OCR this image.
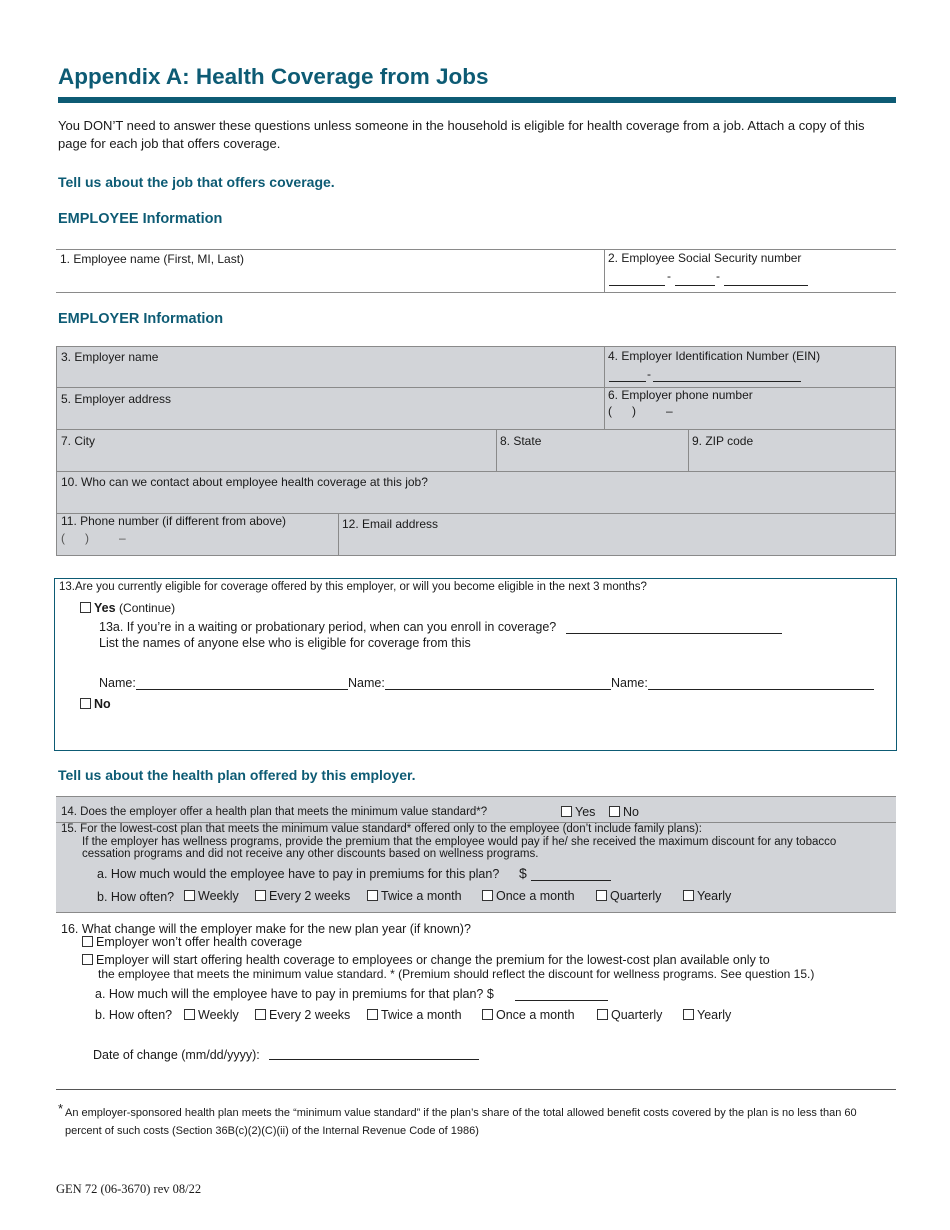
Appendix A: Health Coverage from Jobs
You DON’T need to answer these questions unless someone in the household is eligible for health coverage from a job. Attach a copy of this page for each job that offers coverage.
Tell us about the job that offers coverage.
EMPLOYEE Information
1. Employee name (First, MI, Last)	2. Employee Social Security number
-	-
EMPLOYER Information
3. Employer name	4. Employer Identification Number (EIN)
-
5. Employer address	6. Employer phone number
(      )         –
7. City	8. State	9. ZIP code
10. Who can we contact about employee health coverage at this job?
11. Phone number (if different from above)
(      )         –
12. Email address
13.Are you currently eligible for coverage offered by this employer, or will you become eligible in the next 3 months?
Yes (Continue)
13a. If you’re in a waiting or probationary period, when can you enroll in coverage?
List the names of anyone else who is eligible for coverage from this
Name:	Name:	Name:
No
Tell us about the health plan offered by this employer.
14. Does the employer offer a health plan that meets the minimum value standard*?	Yes	No
15. For the lowest-cost plan that meets the minimum value standard* offered only to the employee (don’t include family plans):
If the employer has wellness programs, provide the premium that the employee would pay if he/ she received the maximum discount for any tobacco cessation programs and did not receive any other discounts based on wellness programs.
a. How much would the employee have to pay in premiums for this plan? $
b. How often?	Weekly	Every 2 weeks	Twice a month	Once a month	Quarterly	Yearly
16. What change will the employer make for the new plan year (if known)?
Employer won’t offer health coverage
Employer will start offering health coverage to employees or change the premium for the lowest-cost plan available only to
the employee that meets the minimum value standard. * (Premium should reflect the discount for wellness programs. See question 15.)
a. How much will the employee have to pay in premiums for that plan? $
b. How often?	Weekly	Every 2 weeks	Twice a month	Once a month	Quarterly	Yearly
Date of change (mm/dd/yyyy):
* An employer-sponsored health plan meets the “minimum value standard” if the plan’s share of the total allowed benefit costs covered by the plan is no less than 60 percent of such costs (Section 36B(c)(2)(C)(ii) of the Internal Revenue Code of 1986)
GEN 72 (06-3670) rev 08/22
